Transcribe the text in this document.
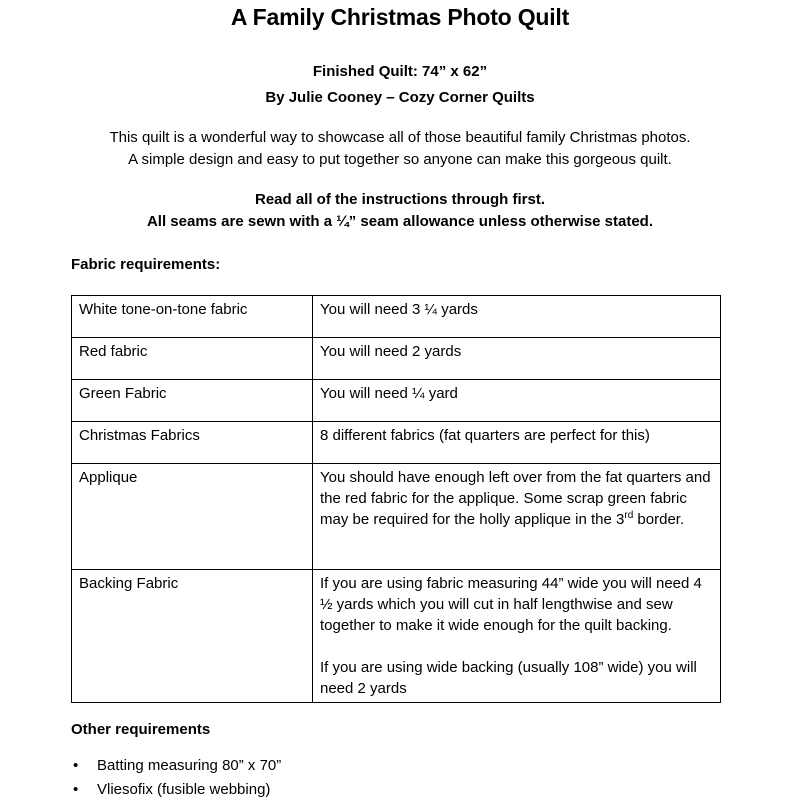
A Family Christmas Photo Quilt
Finished Quilt: 74” x 62”
By Julie Cooney – Cozy Corner Quilts
This quilt is a wonderful way to showcase all of those beautiful family Christmas photos.
A simple design and easy to put together so anyone can make this gorgeous quilt.
Read all of the instructions through first.
All seams are sewn with a ¼” seam allowance unless otherwise stated.
Fabric requirements:
White tone-on-tone fabric	You will need 3 ¼ yards
Red fabric	You will need 2 yards
Green Fabric	You will need ¼ yard
Christmas Fabrics	8 different fabrics (fat quarters are perfect for this)
Applique	You should have enough left over from the fat quarters and the red fabric for the applique. Some scrap green fabric may be required for the holly applique in the 3rd border.
Backing Fabric	If you are using fabric measuring 44” wide you will need 4 ½ yards which you will cut in half lengthwise and sew together to make it wide enough for the quilt backing.
If you are using wide backing (usually 108” wide) you will need 2 yards
Other requirements
• Batting measuring 80” x 70”
• Vliesofix (fusible webbing)
